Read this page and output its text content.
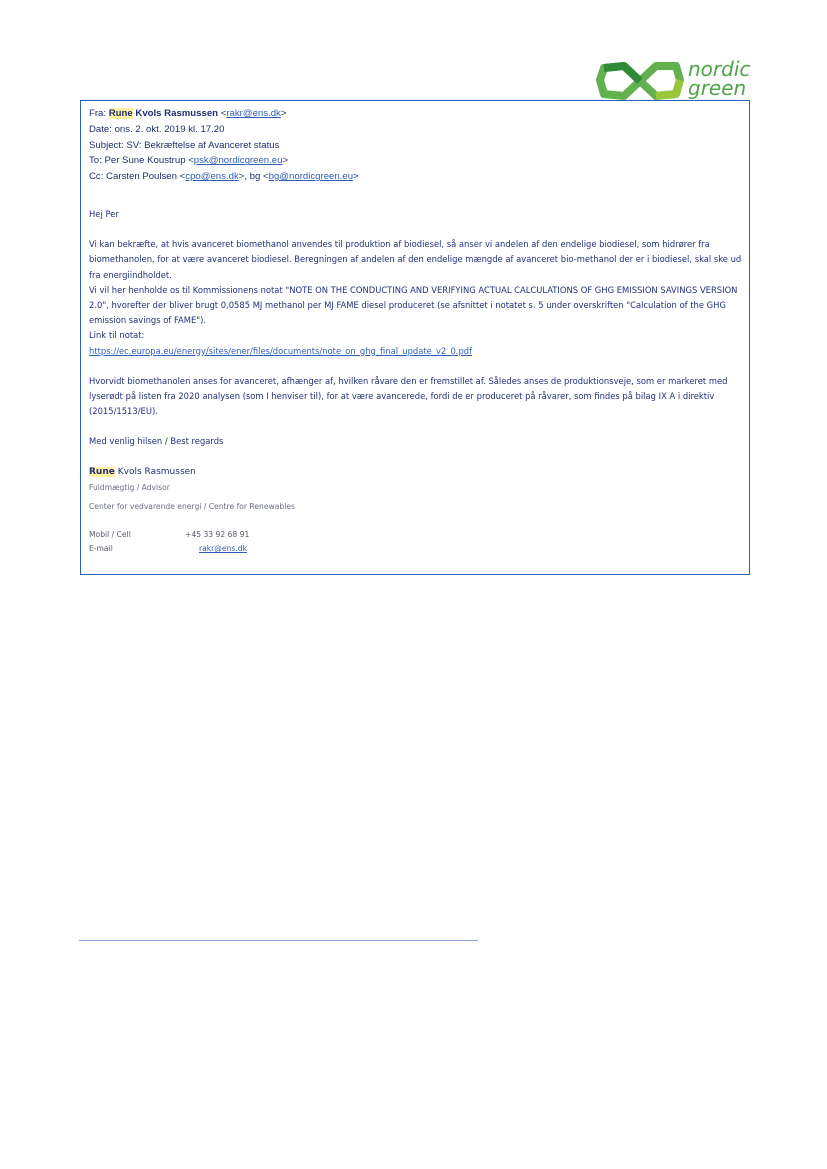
nordic
green
Fra: Rune Kvols Rasmussen <rakr@ens.dk>
Date: ons. 2. okt. 2019 kl. 17.20
Subject: SV: Bekræftelse af Avanceret status
To: Per Sune Koustrup <psk@nordicgreen.eu>
Cc: Carsten Poulsen <cpo@ens.dk>, bg <bg@nordicgreen.eu>

Hej Per

Vi kan bekræfte, at hvis avanceret biomethanol anvendes til produktion af biodiesel, så anser vi andelen af den endelige biodiesel, som hidrører fra biomethanolen, for at være avanceret biodiesel. Beregningen af andelen af den endelige mængde af avanceret bio-methanol der er i biodiesel, skal ske ud fra energiindholdet.

Vi vil her henholde os til Kommissionens notat "NOTE ON THE CONDUCTING AND VERIFYING ACTUAL CALCULATIONS OF GHG EMISSION SAVINGS VERSION 2.0", hvorefter der bliver brugt 0,0585 MJ methanol per MJ FAME diesel produceret (se afsnittet i notatet s. 5 under overskriften "Calculation of the GHG emission savings of FAME").

Link til notat:

https://ec.europa.eu/energy/sites/ener/files/documents/note_on_ghg_final_update_v2_0.pdf

Hvorvidt biomethanolen anses for avanceret, afhænger af, hvilken råvare den er fremstillet af. Således anses de produktionsveje, som er markeret med lyserødt på listen fra 2020 analysen (som I henviser til), for at være avancerede, fordi de er produceret på råvarer, som findes på bilag IX A i direktiv (2015/1513/EU).

Med venlig hilsen / Best regards

Rune Kvols Rasmussen

Fuldmægtig / Advisor

Center for vedvarende energi / Centre for Renewables

Mobil / Cell	+45 33 92 68 91

E-mail	rakr@ens.dk
